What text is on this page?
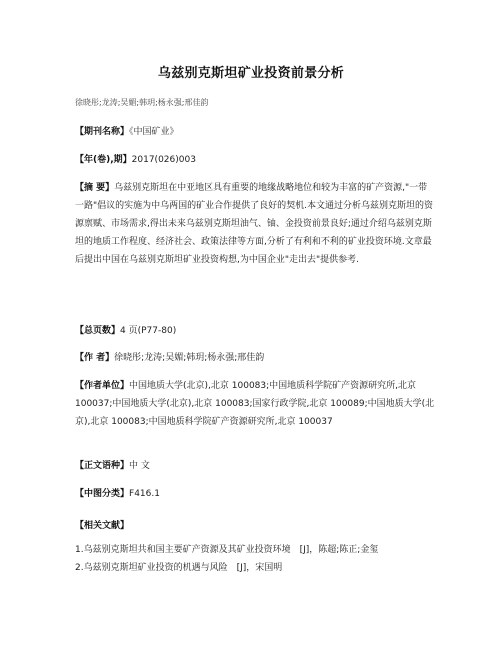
乌兹别克斯坦矿业投资前景分析
徐晓彤;龙涛;吴媚;韩玥;杨永强;邢佳韵
【期刊名称】《中国矿业》
【年(卷),期】2017(026)003
【摘 要】乌兹别克斯坦在中亚地区具有重要的地缘战略地位和较为丰富的矿产资源,"一带一路"倡议的实施为中乌两国的矿业合作提供了良好的契机.本文通过分析乌兹别克斯坦的资源禀赋、市场需求,得出未来乌兹别克斯坦油气、铀、金投资前景良好;通过介绍乌兹别克斯坦的地质工作程度、经济社会、政策法律等方面,分析了有利和不利的矿业投资环境.文章最后提出中国在乌兹别克斯坦矿业投资构想,为中国企业"走出去"提供参考.
【总页数】4 页(P77-80)
【作 者】徐晓彤;龙涛;吴媚;韩玥;杨永强;邢佳韵
【作者单位】中国地质大学(北京),北京 100083;中国地质科学院矿产资源研究所,北京 100037;中国地质大学(北京),北京 100083;国家行政学院,北京 100089;中国地质大学(北京),北京 100083;中国地质科学院矿产资源研究所,北京 100037
【正文语种】中 文
【中图分类】F416.1
【相关文献】
1.乌兹别克斯坦共和国主要矿产资源及其矿业投资环境　[J]，陈超;陈正;金玺
2.乌兹别克斯坦矿业投资的机遇与风险　[J]，宋国明
